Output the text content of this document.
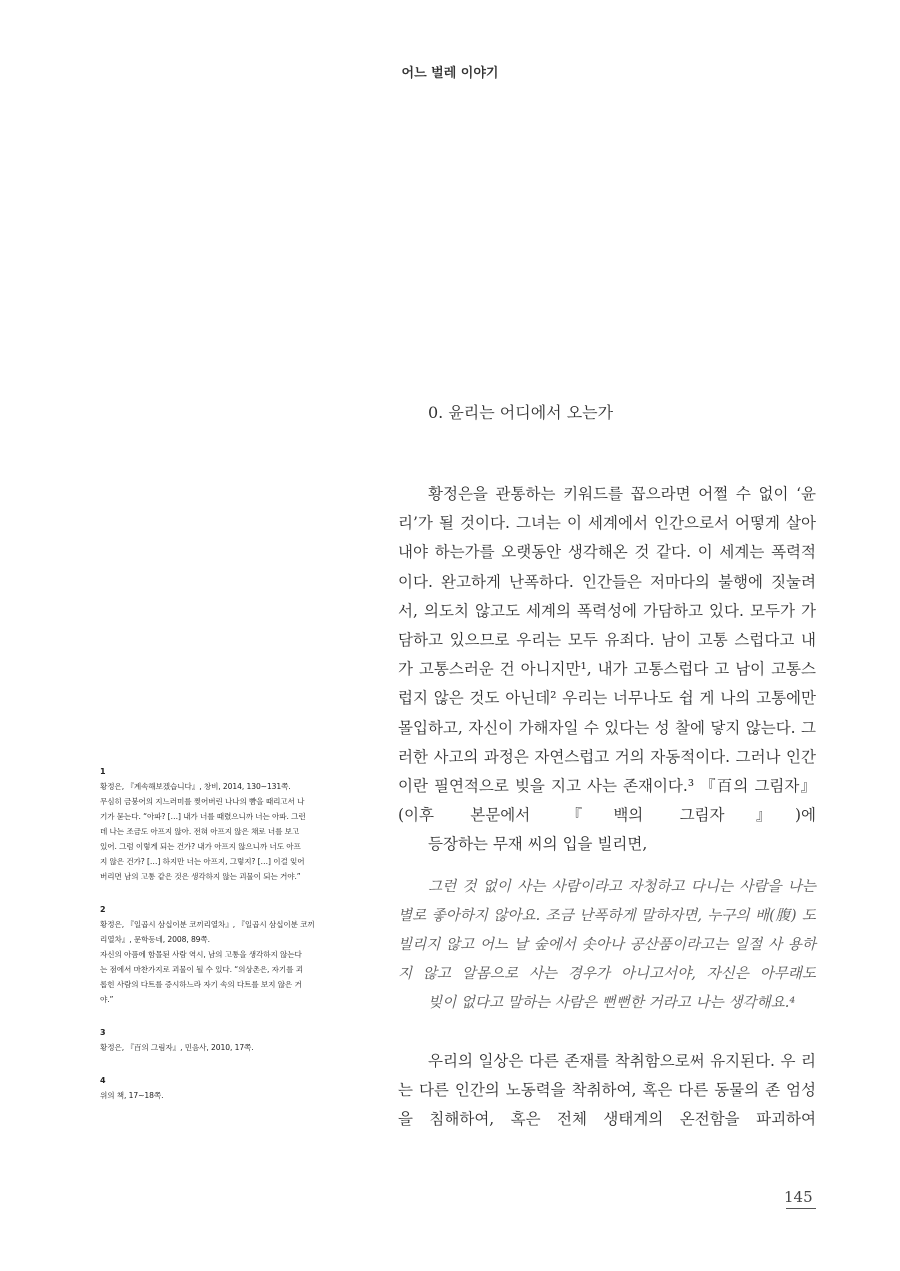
어느 벌레 이야기
0. 윤리는 어디에서 오는가

황정은을 관통하는 키워드를 꼽으라면 어쩔 수 없이 ‘윤 리’가 될 것이다. 그녀는 이 세계에서 인간으로서 어떻게 살아내야 하는가를 오랫동안 생각해온 것 같다. 이 세계는 폭력적이다. 완고하게 난폭하다. 인간들은 저마다의 불행에 짓눌려서, 의도치 않고도 세계의 폭력성에 가담하고 있다. 모두가 가담하고 있으므로 우리는 모두 유죄다. 남이 고통 스럽다고 내가 고통스러운 건 아니지만¹, 내가 고통스럽다 고 남이 고통스럽지 않은 것도 아닌데² 우리는 너무나도 쉽 게 나의 고통에만 몰입하고, 자신이 가해자일 수 있다는 성 찰에 닿지 않는다. 그러한 사고의 과정은 자연스럽고 거의 자동적이다. 그러나 인간이란 필연적으로 빚을 지고 사는 존재이다.³ 『百의 그림자』(이후 본문에서 『백의 그림자』)에
등장하는 무재 씨의 입을 빌리면,

그런 것 없이 사는 사람이라고 자청하고 다니는 사람을 나는 별로 좋아하지 않아요. 조금 난폭하게 말하자면, 누구의 배(腹) 도 빌리지 않고 어느 날 숲에서 솟아나 공산품이라고는 일절 사 용하지 않고 알몸으로 사는 경우가 아니고서야, 자신은 아무래도
빚이 없다고 말하는 사람은 뻔뻔한 거라고 나는 생각해요.⁴

우리의 일상은 다른 존재를 착취함으로써 유지된다. 우 리는 다른 인간의 노동력을 착취하여, 혹은 다른 동물의 존 엄성을 침해하여, 혹은 전체 생태계의 온전함을 파괴하여

1
황정은, 『계속해보겠습니다』, 창비, 2014, 130~131쪽.
무심히 금붕어의 지느러미를 찢어버린 나나의 뺨을 때리고서 나
기가 묻는다. “아파? […] 내가 너를 때렸으니까 너는 아파. 그런
데 나는 조금도 아프지 않아. 전혀 아프지 않은 채로 너를 보고
있어. 그럼 이렇게 되는 건가? 내가 아프지 않으니까 너도 아프
지 않은 건가? […] 하지만 너는 아프지, 그렇지? […] 이걸 잊어
버리면 남의 고통 같은 것은 생각하지 않는 괴물이 되는 거야.”
2
황정은, 『일곱시 삼십이분 코끼리열차』, 『일곱시 삼십이분 코끼
리열차』, 문학동네, 2008, 89쪽.
자신의 아픔에 함몰된 사람 역시, 남의 고통을 생각하지 않는다
는 점에서 마찬가지로 괴물이 될 수 있다. “의상촌은, 자기를 괴
롭힌 사람의 다트를 증시하느라 자기 속의 다트를 보지 않은 거
야.”
3
황정은, 『百의 그림자』, 민음사, 2010, 17쪽.
4
위의 책, 17~18쪽.
145
